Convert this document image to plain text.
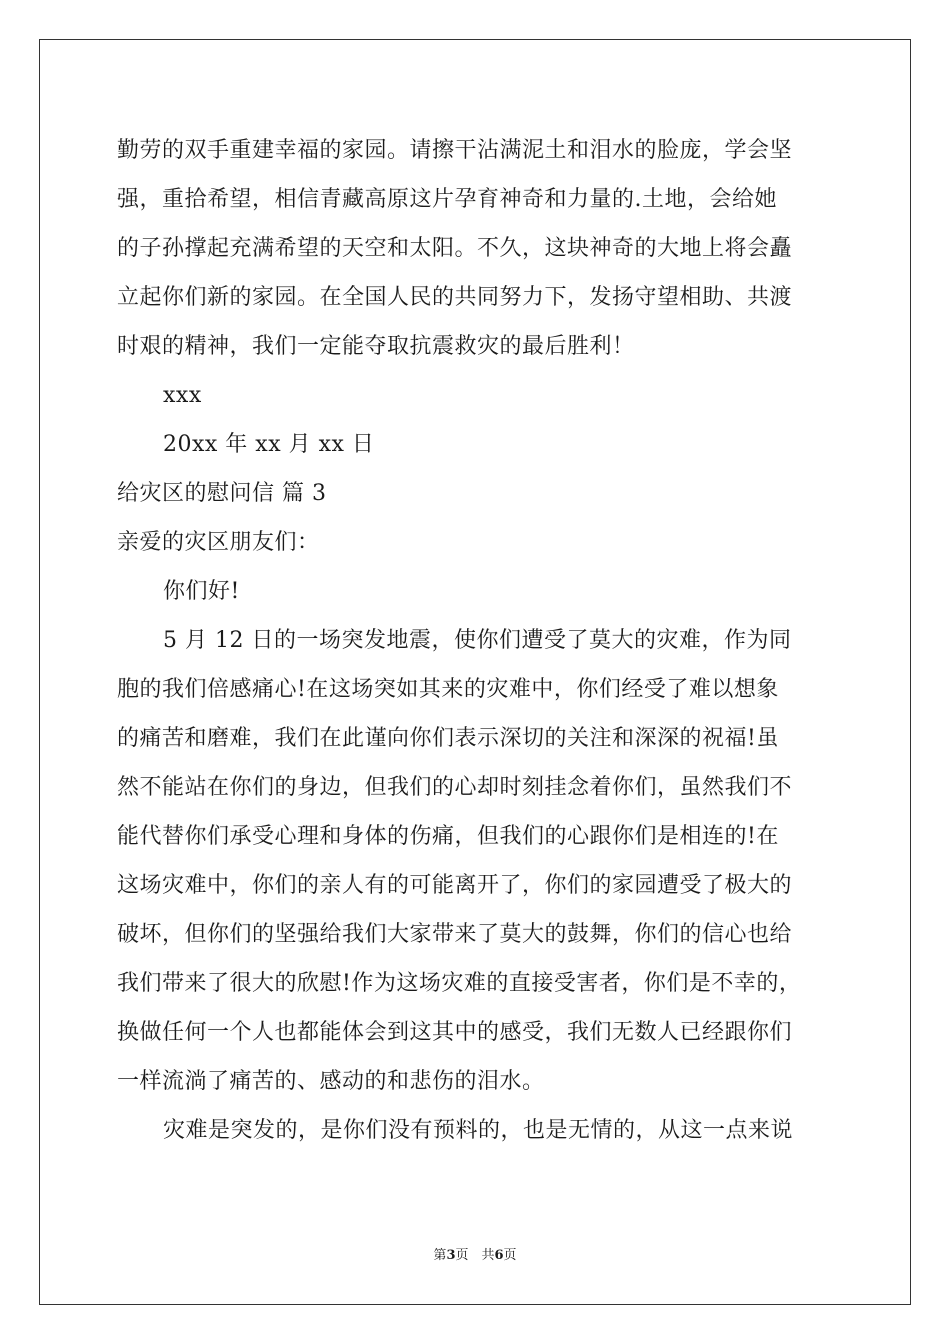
勤劳的双手重建幸福的家园。请擦干沾满泥土和泪水的脸庞，学会坚
强，重拾希望，相信青藏高原这片孕育神奇和力量的.土地，会给她
的子孙撑起充满希望的天空和太阳。不久，这块神奇的大地上将会矗
立起你们新的家园。在全国人民的共同努力下，发扬守望相助、共渡
时艰的精神，我们一定能夺取抗震救灾的最后胜利！
xxx
20xx 年 xx 月 xx 日
给灾区的慰问信 篇 3
亲爱的灾区朋友们：
你们好!
5 月 12 日的一场突发地震，使你们遭受了莫大的灾难，作为同
胞的我们倍感痛心!在这场突如其来的灾难中，你们经受了难以想象
的痛苦和磨难，我们在此谨向你们表示深切的关注和深深的祝福!虽
然不能站在你们的身边，但我们的心却时刻挂念着你们，虽然我们不
能代替你们承受心理和身体的伤痛，但我们的心跟你们是相连的!在
这场灾难中，你们的亲人有的可能离开了，你们的家园遭受了极大的
破坏，但你们的坚强给我们大家带来了莫大的鼓舞，你们的信心也给
我们带来了很大的欣慰!作为这场灾难的直接受害者，你们是不幸的，
换做任何一个人也都能体会到这其中的感受，我们无数人已经跟你们
一样流淌了痛苦的、感动的和悲伤的泪水。
灾难是突发的，是你们没有预料的，也是无情的，从这一点来说
第3页　共6页
